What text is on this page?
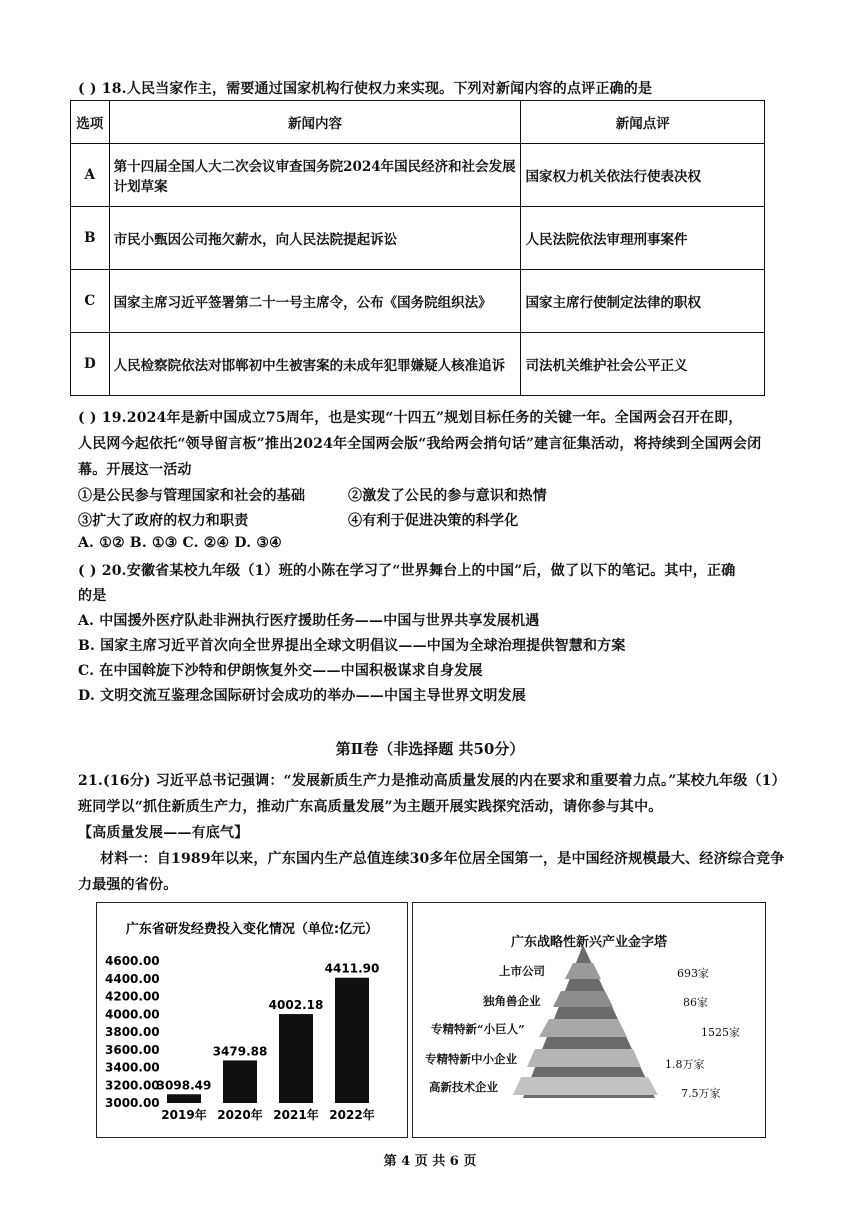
( ) 18.人民当家作主，需要通过国家机构行使权力来实现。下列对新闻内容的点评正确的是
选项	新闻内容	新闻点评
A	第十四届全国人大二次会议审查国务院2024年国民经济和社会发展计划草案	国家权力机关依法行使表决权
B	市民小甄因公司拖欠薪水，向人民法院提起诉讼	人民法院依法审理刑事案件
C	国家主席习近平签署第二十一号主席令，公布《国务院组织法》	国家主席行使制定法律的职权
D	人民检察院依法对邯郸初中生被害案的未成年犯罪嫌疑人核准追诉	司法机关维护社会公平正义
( ) 19.2024年是新中国成立75周年，也是实现“十四五”规划目标任务的关键一年。全国两会召开在即，
人民网今起依托“领导留言板”推出2024年全国两会版“我给两会捎句话”建言征集活动，将持续到全国两会闭
幕。开展这一活动
①是公民参与管理国家和社会的基础	②激发了公民的参与意识和热情
③扩大了政府的权力和职责	④有利于促进决策的科学化
A. ①② B. ①③ C. ②④ D. ③④
( ) 20.安徽省某校九年级（1）班的小陈在学习了“世界舞台上的中国”后，做了以下的笔记。其中，正确
的是
A. 中国援外医疗队赴非洲执行医疗援助任务——中国与世界共享发展机遇
B. 国家主席习近平首次向全世界提出全球文明倡议——中国为全球治理提供智慧和方案
C. 在中国斡旋下沙特和伊朗恢复外交——中国积极谋求自身发展
D. 文明交流互鉴理念国际研讨会成功的举办——中国主导世界文明发展
第Ⅱ卷（非选择题 共50分）
21.(16分) 习近平总书记强调：“发展新质生产力是推动高质量发展的内在要求和重要着力点。”某校九年级（1）
班同学以“抓住新质生产力，推动广东高质量发展”为主题开展实践探究活动，请你参与其中。
【高质量发展——有底气】
材料一：自1989年以来，广东国内生产总值连续30多年位居全国第一，是中国经济规模最大、经济综合竞争
力最强的省份。
广东省研发经费投入变化情况（单位:亿元）
4600.00
4400.00
4200.00
4000.00
3800.00
3600.00
3400.00
3200.00
3000.00
2019年 2020年 2021年 2022年
3098.49
3479.88
4002.18
4411.90
广东战略性新兴产业金字塔
上市公司	693家
独角兽企业	86家
专精特新“小巨人”	1525家
专精特新中小企业	1.8万家
高新技术企业	7.5万家
第 4 页 共 6 页
